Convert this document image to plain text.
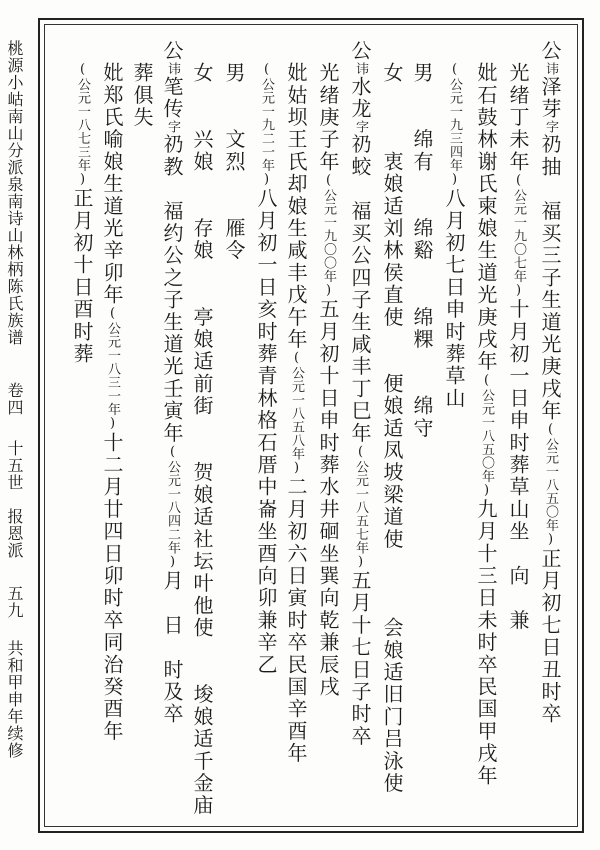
桃源小岵南山分派泉南诗山林柄陈氏族谱
卷四
十五世　报恩派
五九
共和甲申年续修
公讳泽芽字礽抽　福买三子生道光庚戌年(公元一八五〇年)正月初七日丑时卒
光绪丁未年(公元一九〇七年)十月初一日申时葬草山坐　向　兼
妣石鼓林谢氏柬娘生道光庚戌年(公元一八五〇年)九月十三日未时卒民国甲戌年
(公元一九三四年)八月初七日申时葬草山
男　　绵有　　绵谿　　绵粿　　绵守
女　　　衷娘适刘林侯直使　　便娘适凤坡梁道使　　　会娘适旧门吕泳使
公讳水龙字礽蛟　福买公四子生咸丰丁巳年(公元一八五七年)五月十七日子时卒
光绪庚子年(公元一九〇〇年)五月初十日申时葬水井硘坐巽向乾兼辰戌
妣姑坝王氏却娘生咸丰戊午年(公元一八五八年)二月初六日寅时卒民国辛酉年
(公元一九二一年)八月初一日亥时葬青林格石厝中崙坐酉向卯兼辛乙
男　　文烈　　雁令
女　　兴娘　　存娘　　亭娘适前街　　贺娘适社坛叶他使　　埈娘适千金庙
公讳笔传字礽教　福约公之子生道光壬寅年(公元一八四二年)月　日　时及卒
葬俱失
妣郑氏喻娘生道光辛卯年(公元一八三一年)十二月廿四日卯时卒同治癸酉年
(公元一八七三年)正月初十日酉时葬
